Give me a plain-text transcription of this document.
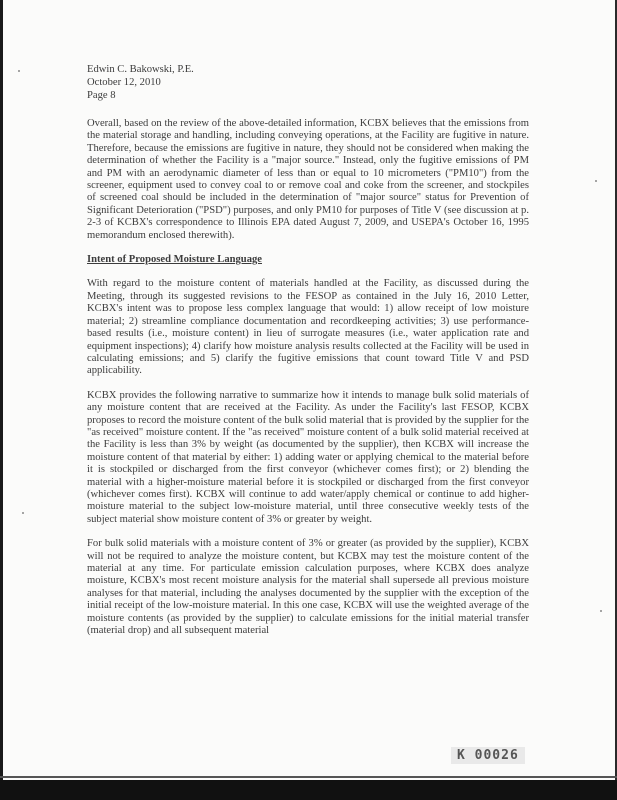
Edwin C. Bakowski, P.E.
October 12, 2010
Page 8

Overall, based on the review of the above-detailed information, KCBX believes that the emissions from the material storage and handling, including conveying operations, at the Facility are fugitive in nature. Therefore, because the emissions are fugitive in nature, they should not be considered when making the determination of whether the Facility is a "major source." Instead, only the fugitive emissions of PM and PM with an aerodynamic diameter of less than or equal to 10 micrometers ("PM10") from the screener, equipment used to convey coal to or remove coal and coke from the screener, and stockpiles of screened coal should be included in the determination of "major source" status for Prevention of Significant Deterioration ("PSD") purposes, and only PM10 for purposes of Title V (see discussion at p. 2-3 of KCBX's correspondence to Illinois EPA dated August 7, 2009, and USEPA's October 16, 1995 memorandum enclosed therewith).

Intent of Proposed Moisture Language

With regard to the moisture content of materials handled at the Facility, as discussed during the Meeting, through its suggested revisions to the FESOP as contained in the July 16, 2010 Letter, KCBX's intent was to propose less complex language that would: 1) allow receipt of low moisture material; 2) streamline compliance documentation and recordkeeping activities; 3) use performance-based results (i.e., moisture content) in lieu of surrogate measures (i.e., water application rate and equipment inspections); 4) clarify how moisture analysis results collected at the Facility will be used in calculating emissions; and 5) clarify the fugitive emissions that count toward Title V and PSD applicability.

KCBX provides the following narrative to summarize how it intends to manage bulk solid materials of any moisture content that are received at the Facility. As under the Facility's last FESOP, KCBX proposes to record the moisture content of the bulk solid material that is provided by the supplier for the "as received" moisture content. If the "as received" moisture content of a bulk solid material received at the Facility is less than 3% by weight (as documented by the supplier), then KCBX will increase the moisture content of that material by either: 1) adding water or applying chemical to the material before it is stockpiled or discharged from the first conveyor (whichever comes first); or 2) blending the material with a higher-moisture material before it is stockpiled or discharged from the first conveyor (whichever comes first). KCBX will continue to add water/apply chemical or continue to add higher-moisture material to the subject low-moisture material, until three consecutive weekly tests of the subject material show moisture content of 3% or greater by weight.

For bulk solid materials with a moisture content of 3% or greater (as provided by the supplier), KCBX will not be required to analyze the moisture content, but KCBX may test the moisture content of the material at any time. For particulate emission calculation purposes, where KCBX does analyze moisture, KCBX's most recent moisture analysis for the material shall supersede all previous moisture analyses for that material, including the analyses documented by the supplier with the exception of the initial receipt of the low-moisture material. In this one case, KCBX will use the weighted average of the moisture contents (as provided by the supplier) to calculate emissions for the initial material transfer (material drop) and all subsequent material

K 00026
